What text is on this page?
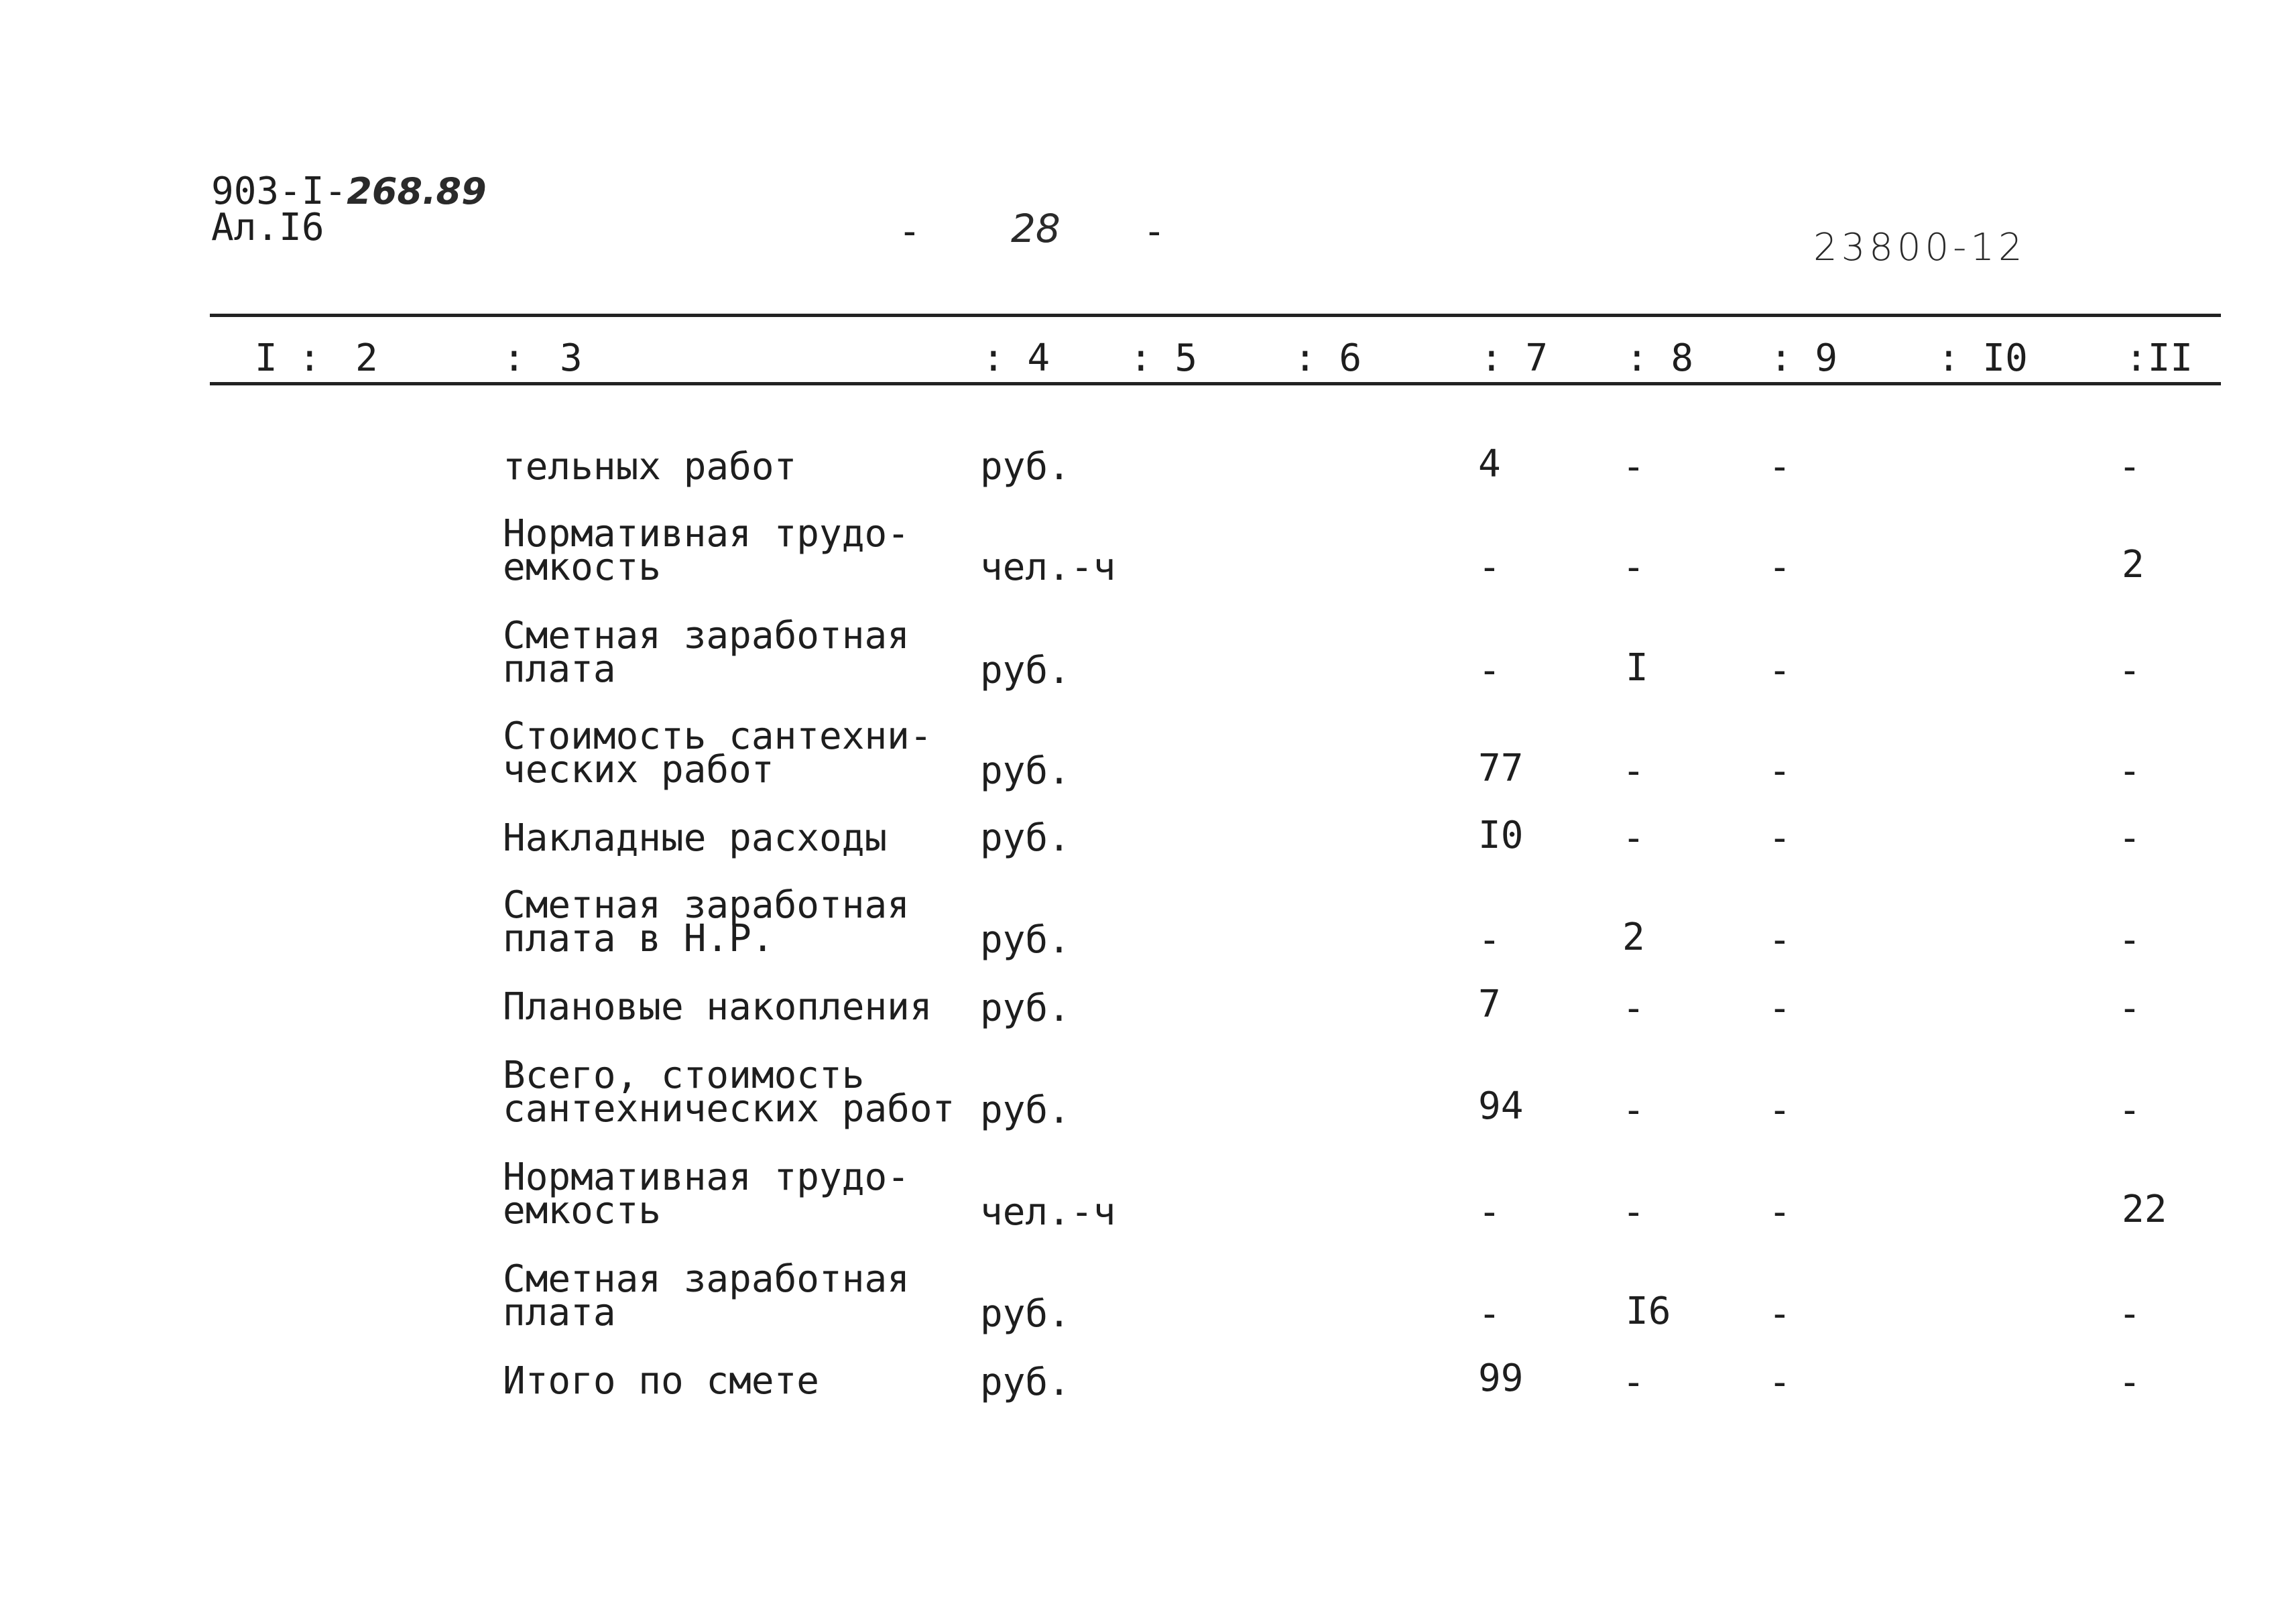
903-I-268.89
Ал.I6	- 28 -	23800-12
I : 2	: 3	: 4 : 5	: 6	: 7 : 8 : 9	: I0	:II
тельных работ	руб.	4	-	-	-
Нормативная трудо-
емкость	чел.-ч	-	-	-	2
Сметная заработная
плата	руб.	-	I	-	-
Стоимость сантехни-
ческих работ	руб.	77	-	-	-
Накладные расходы руб.	I0	-	-	-
Сметная заработная
плата в Н.Р.	руб.	-	2	-	-
Плановые накопления руб.	7	-	-	-
Всего, стоимость
сантехнических работ руб.	94	-	-	-
Нормативная трудо-
емкость	чел.-ч	-	-	-	22
Сметная заработная
плата	руб.	-	I6	-	-
Итого по смете	руб.	99	-	-	-
